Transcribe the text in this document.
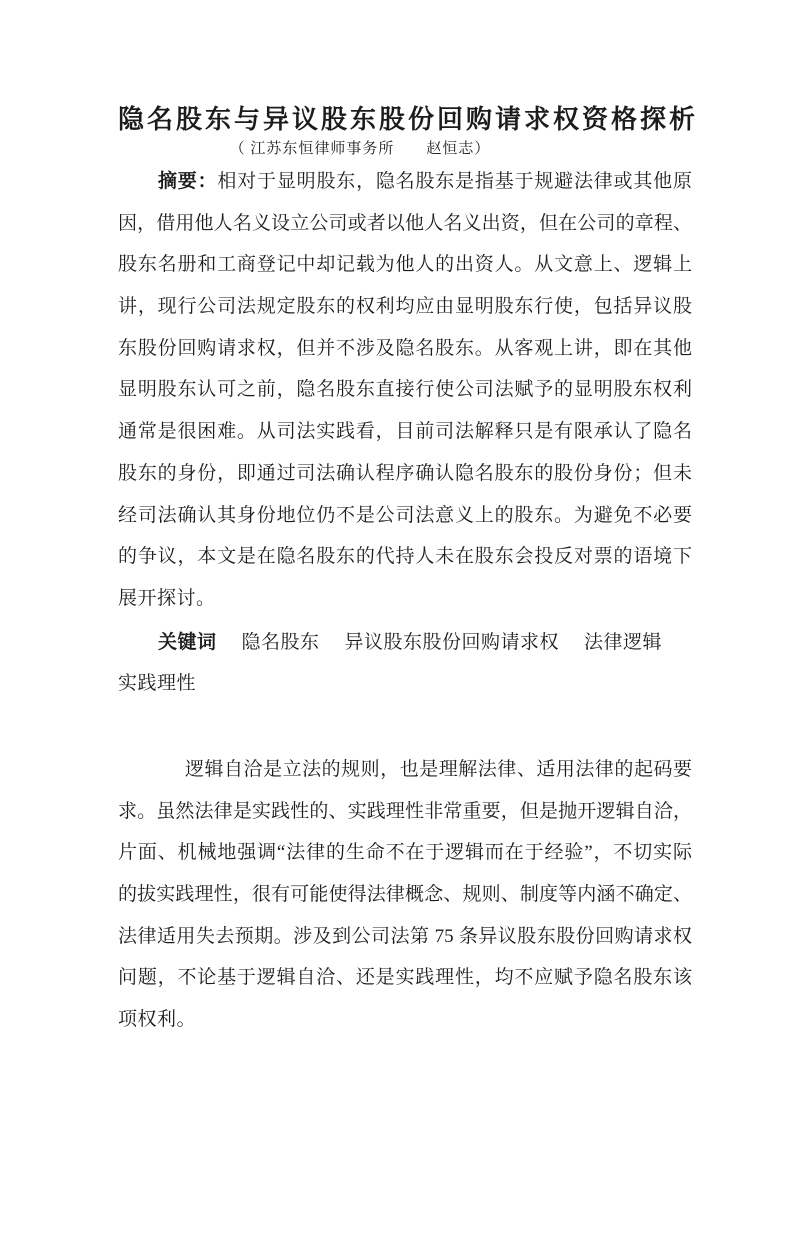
隐名股东与异议股东股份回购请求权资格探析
（ 江苏东恒律师事务所　　赵恒志）
摘要：相对于显明股东，隐名股东是指基于规避法律或其他原
因，借用他人名义设立公司或者以他人名义出资，但在公司的章程、
股东名册和工商登记中却记载为他人的出资人。从文意上、逻辑上
讲，现行公司法规定股东的权利均应由显明股东行使，包括异议股
东股份回购请求权，但并不涉及隐名股东。从客观上讲，即在其他
显明股东认可之前，隐名股东直接行使公司法赋予的显明股东权利
通常是很困难。从司法实践看，目前司法解释只是有限承认了隐名
股东的身份，即通过司法确认程序确认隐名股东的股份身份；但未
经司法确认其身份地位仍不是公司法意义上的股东。为避免不必要
的争议，本文是在隐名股东的代持人未在股东会投反对票的语境下
展开探讨。
关键词 隐名股东 异议股东股份回购请求权 法律逻辑
实践理性
逻辑自洽是立法的规则，也是理解法律、适用法律的起码要
求。虽然法律是实践性的、实践理性非常重要，但是抛开逻辑自洽，
片面、机械地强调“法律的生命不在于逻辑而在于经验”，不切实际
的拔实践理性，很有可能使得法律概念、规则、制度等内涵不确定、
法律适用失去预期。涉及到公司法第 75 条异议股东股份回购请求权
问题，不论基于逻辑自洽、还是实践理性，均不应赋予隐名股东该
项权利。
